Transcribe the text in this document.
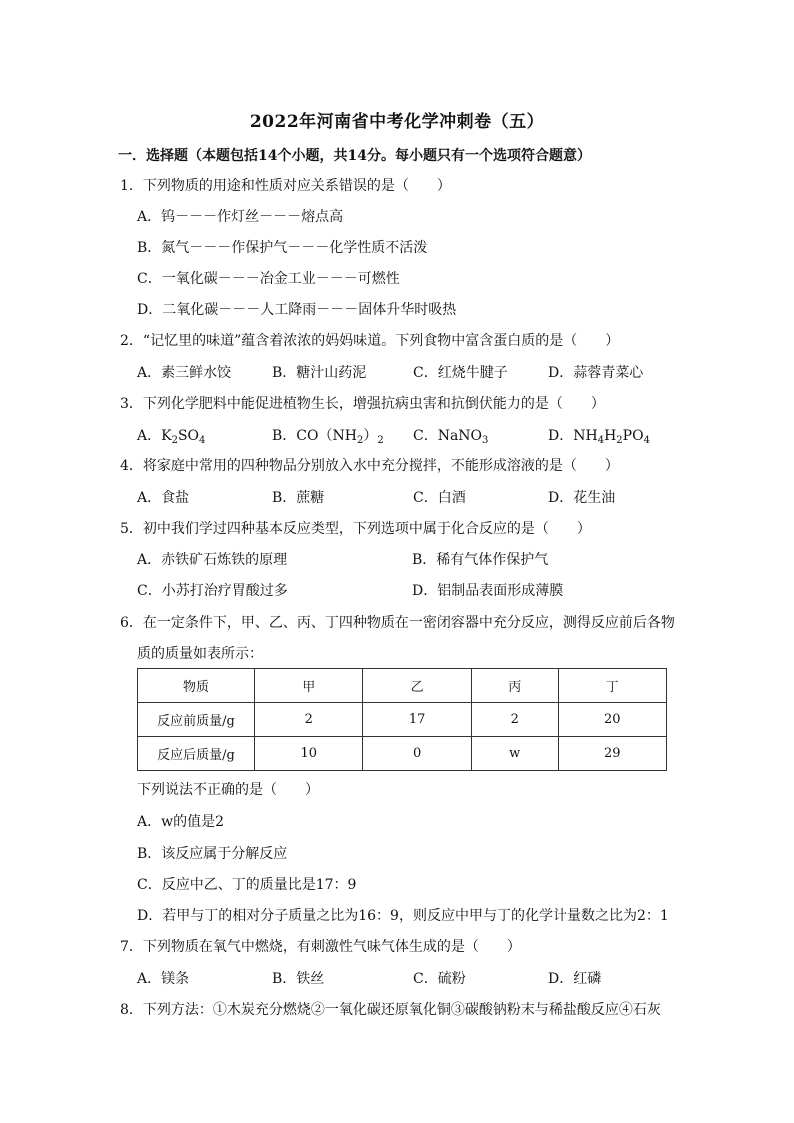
2022年河南省中考化学冲刺卷（五）
一．选择题（本题包括14个小题，共14分。每小题只有一个选项符合题意）
1．下列物质的用途和性质对应关系错误的是（　　）
A．钨－－－作灯丝－－－熔点高
B．氮气－－－作保护气－－－化学性质不活泼
C．一氧化碳－－－冶金工业－－－可燃性
D．二氧化碳－－－人工降雨－－－固体升华时吸热
2．“记忆里的味道”蕴含着浓浓的妈妈味道。下列食物中富含蛋白质的是（　　）
A．素三鲜水饺	B．糖汁山药泥	C．红烧牛腱子	D．蒜蓉青菜心
3．下列化学肥料中能促进植物生长，增强抗病虫害和抗倒伏能力的是（　　）
A．$K_2SO_4$	B．$CO(NH_2)_2$ C．NaNO$_3$	D．$NH_4H_2PO_4$
4．将家庭中常用的四种物品分别放入水中充分搅拌，不能形成溶液的是（　　）
A．食盐	B．蔗糖	C．白酒	D．花生油
5．初中我们学过四种基本反应类型，下列选项中属于化合反应的是（　　）
A．赤铁矿石炼铁的原理	B．稀有气体作保护气
C．小苏打治疗胃酸过多	D．铝制品表面形成薄膜
6．在一定条件下，甲、乙、丙、丁四种物质在一密闭容器中充分反应，测得反应前后各物
质的质量如表所示：
物质	甲	乙	丙	丁
反应前质量/g	2	17	2	20
反应后质量/g	10	0	w	29
下列说法不正确的是（　　）
A．w的值是2
B．该反应属于分解反应
C．反应中乙、丁的质量比是17：9
D．若甲与丁的相对分子质量之比为16：9，则反应中甲与丁的化学计量数之比为2：1
7．下列物质在氧气中燃烧，有刺激性气味气体生成的是（　　）
A．镁条	B．铁丝	C．硫粉	D．红磷
8．下列方法：①木炭充分燃烧②一氧化碳还原氧化铜③碳酸钠粉末与稀盐酸反应④石灰
